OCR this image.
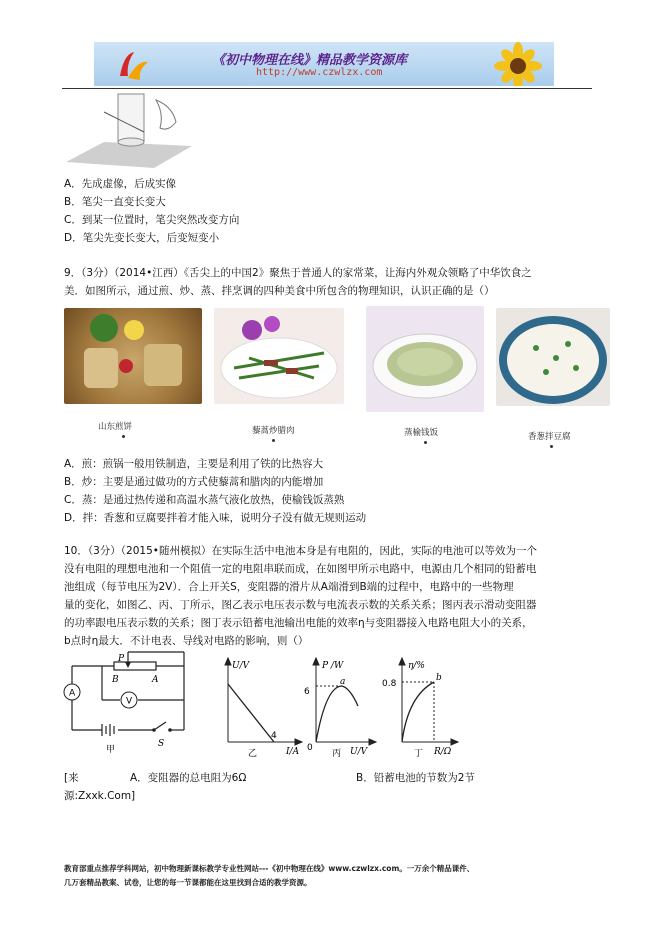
《初中物理在线》精品教学资源库
http://www.czwlzx.com
A．先成虚像，后成实像
B．笔尖一直变长变大
C．到某一位置时，笔尖突然改变方向
D．笔尖先变长变大，后变短变小
9．（3分）（2014•江西）《舌尖上的中国2》聚焦于普通人的家常菜，让海内外观众领略了中华饮食之
美．如图所示，通过煎、炒、蒸、拌烹调的四种美食中所包含的物理知识，认识正确的是（）
山东煎饼	藜蒿炒腊肉	蒸榆钱饭	香葱拌豆腐
A．煎：煎锅一般用铁制造，主要是利用了铁的比热容大
B．炒：主要是通过做功的方式使藜蒿和腊肉的内能增加
C．蒸：是通过热传递和高温水蒸气液化放热，使榆钱饭蒸熟
D．拌：香葱和豆腐要拌着才能入味，说明分子没有做无规则运动
10．（3分）（2015•随州模拟）在实际生活中电池本身是有电阻的，因此，实际的电池可以等效为一个
没有电阻的理想电池和一个阻值一定的电阻串联而成，在如图甲所示电路中，电源由几个相同的铅蓄电
池组成（每节电压为2V）．合上开关S，变阻器的滑片从A端滑到B端的过程中，电路中的一些物理
量的变化，如图乙、丙、丁所示，图乙表示电压表示数与电流表示数的关系关系；图丙表示滑动变阻器
的功率跟电压表示数的关系；图丁表示铅蓄电池输出电能的效率η与变阻器接入电路电阻大小的关系，
b点时η最大．不计电表、导线对电路的影响，则（）
A
V
P
B	A
S
甲
U/V
I/A
4
乙
P /W
6
a
0	U/V
丙
η/%
0.8
b
R/Ω
丁
[来	A．变阻器的总电阻为6Ω	B．铅蓄电池的节数为2节
源:Zxxk.Com]
教育部重点推荐学科网站，初中物理新课标教学专业性网站---《初中物理在线》www.czwlzx.com。一万余个精品课件、
几万套精品教案、试卷，让您的每一节课都能在这里找到合适的教学资源。
